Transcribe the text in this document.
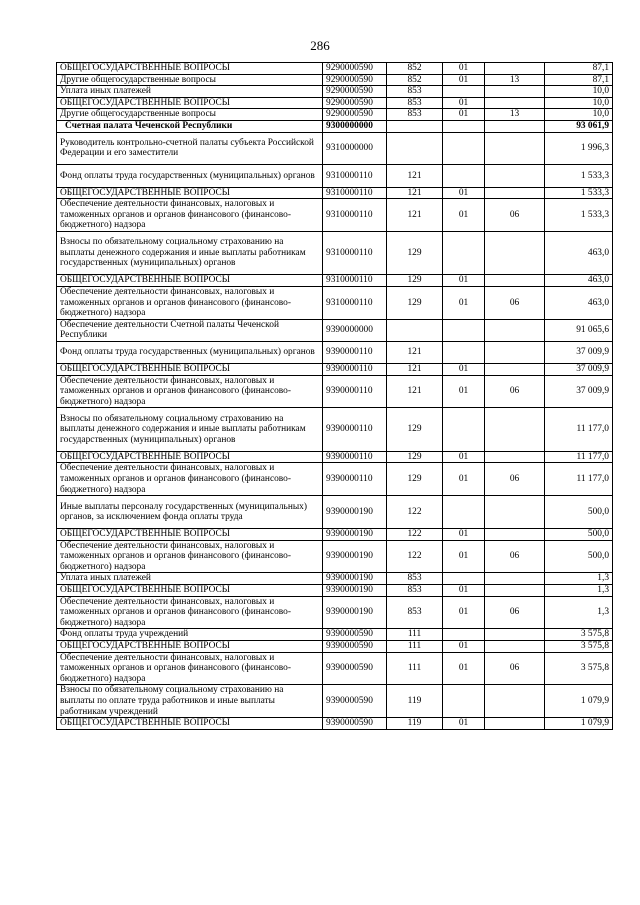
286
ОБЩЕГОСУДАРСТВЕННЫЕ ВОПРОСЫ	9290000590	852	01		87,1
Другие общегосударственные вопросы	9290000590	852	01	13	87,1
Уплата иных платежей	9290000590	853			10,0
ОБЩЕГОСУДАРСТВЕННЫЕ ВОПРОСЫ	9290000590	853	01		10,0
Другие общегосударственные вопросы	9290000590	853	01	13	10,0
Счетная палата Чеченской Республики	9300000000				93 061,9
Руководитель контрольно-счетной палаты субъекта Российской Федерации и его заместители	9310000000				1 996,3
Фонд оплаты труда государственных (муниципальных) органов	9310000110	121			1 533,3
ОБЩЕГОСУДАРСТВЕННЫЕ ВОПРОСЫ	9310000110	121	01		1 533,3
Обеспечение деятельности финансовых, налоговых и таможенных органов и органов финансового (финансово-бюджетного) надзора	9310000110	121	01	06	1 533,3
Взносы по обязательному социальному страхованию на выплаты денежного содержания и иные выплаты работникам государственных (муниципальных) органов	9310000110	129			463,0
ОБЩЕГОСУДАРСТВЕННЫЕ ВОПРОСЫ	9310000110	129	01		463,0
Обеспечение деятельности финансовых, налоговых и таможенных органов и органов финансового (финансово-бюджетного) надзора	9310000110	129	01	06	463,0
Обеспечение деятельности Счетной палаты Чеченской Республики	9390000000				91 065,6
Фонд оплаты труда государственных (муниципальных) органов	9390000110	121			37 009,9
ОБЩЕГОСУДАРСТВЕННЫЕ ВОПРОСЫ	9390000110	121	01		37 009,9
Обеспечение деятельности финансовых, налоговых и таможенных органов и органов финансового (финансово-бюджетного) надзора	9390000110	121	01	06	37 009,9
Взносы по обязательному социальному страхованию на выплаты денежного содержания и иные выплаты работникам государственных (муниципальных) органов	9390000110	129			11 177,0
ОБЩЕГОСУДАРСТВЕННЫЕ ВОПРОСЫ	9390000110	129	01		11 177,0
Обеспечение деятельности финансовых, налоговых и таможенных органов и органов финансового (финансово-бюджетного) надзора	9390000110	129	01	06	11 177,0
Иные выплаты персоналу государственных (муниципальных) органов, за исключением фонда оплаты труда	9390000190	122			500,0
ОБЩЕГОСУДАРСТВЕННЫЕ ВОПРОСЫ	9390000190	122	01		500,0
Обеспечение деятельности финансовых, налоговых и таможенных органов и органов финансового (финансово-бюджетного) надзора	9390000190	122	01	06	500,0
Уплата иных платежей	9390000190	853			1,3
ОБЩЕГОСУДАРСТВЕННЫЕ ВОПРОСЫ	9390000190	853	01		1,3
Обеспечение деятельности финансовых, налоговых и таможенных органов и органов финансового (финансово-бюджетного) надзора	9390000190	853	01	06	1,3
Фонд оплаты труда учреждений	9390000590	111			3 575,8
ОБЩЕГОСУДАРСТВЕННЫЕ ВОПРОСЫ	9390000590	111	01		3 575,8
Обеспечение деятельности финансовых, налоговых и таможенных органов и органов финансового (финансово-бюджетного) надзора	9390000590	111	01	06	3 575,8
Взносы по обязательному социальному страхованию на выплаты по оплате труда работников и иные выплаты работникам учреждений	9390000590	119			1 079,9
ОБЩЕГОСУДАРСТВЕННЫЕ ВОПРОСЫ	9390000590	119	01		1 079,9
